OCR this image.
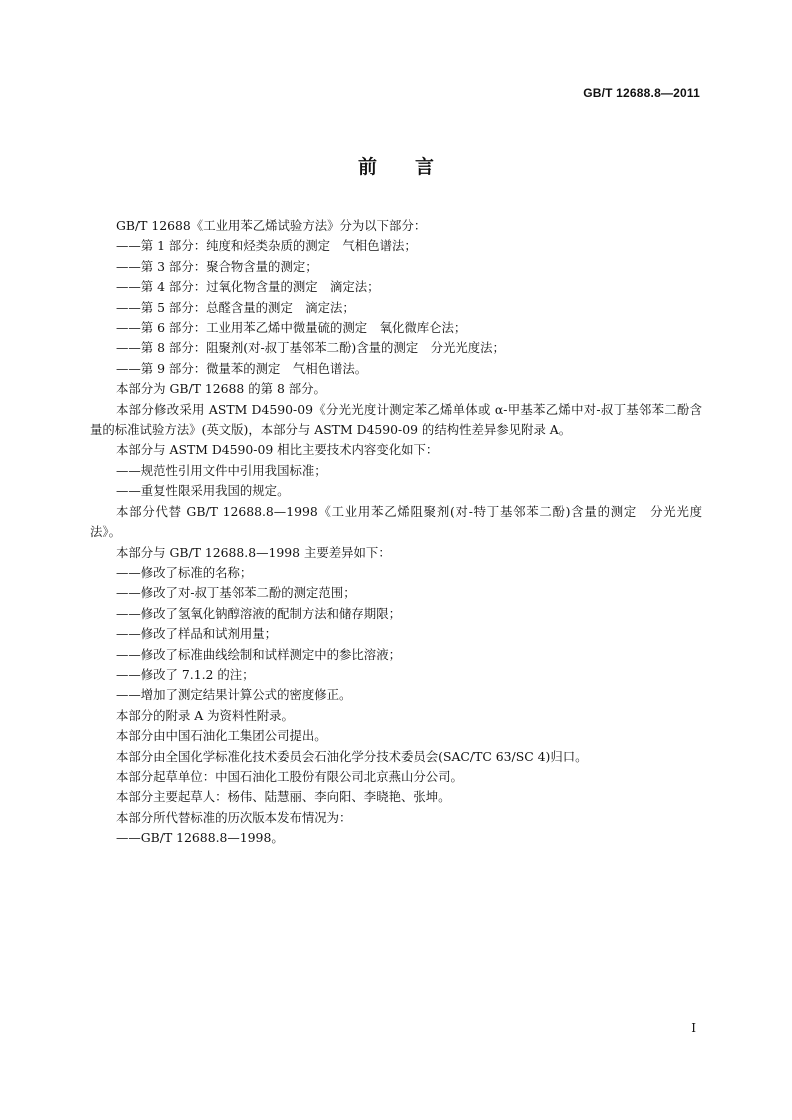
GB/T 12688.8—2011
前 言

GB/T 12688《工业用苯乙烯试验方法》分为以下部分：

——第 1 部分：纯度和烃类杂质的测定　气相色谱法；

——第 3 部分：聚合物含量的测定；

——第 4 部分：过氧化物含量的测定　滴定法；

——第 5 部分：总醛含量的测定　滴定法；

——第 6 部分：工业用苯乙烯中微量硫的测定　氧化微库仑法；

——第 8 部分：阻聚剂(对-叔丁基邻苯二酚)含量的测定　分光光度法；

——第 9 部分：微量苯的测定　气相色谱法。

本部分为 GB/T 12688 的第 8 部分。

本部分修改采用 ASTM D4590-09《分光光度计测定苯乙烯单体或 α-甲基苯乙烯中对-叔丁基邻苯二酚含量的标准试验方法》(英文版)，本部分与 ASTM D4590-09 的结构性差异参见附录 A。

本部分与 ASTM D4590-09 相比主要技术内容变化如下：

——规范性引用文件中引用我国标准；

——重复性限采用我国的规定。

本部分代替 GB/T 12688.8—1998《工业用苯乙烯阻聚剂(对-特丁基邻苯二酚)含量的测定　分光光度法》。

本部分与 GB/T 12688.8—1998 主要差异如下：

——修改了标准的名称；

——修改了对-叔丁基邻苯二酚的测定范围；

——修改了氢氧化钠醇溶液的配制方法和储存期限；

——修改了样品和试剂用量；

——修改了标准曲线绘制和试样测定中的参比溶液；

——修改了 7.1.2 的注；

——增加了测定结果计算公式的密度修正。

本部分的附录 A 为资料性附录。

本部分由中国石油化工集团公司提出。

本部分由全国化学标准化技术委员会石油化学分技术委员会(SAC/TC 63/SC 4)归口。

本部分起草单位：中国石油化工股份有限公司北京燕山分公司。

本部分主要起草人：杨伟、陆慧丽、李向阳、李晓艳、张坤。

本部分所代替标准的历次版本发布情况为：

——GB/T 12688.8—1998。

I
